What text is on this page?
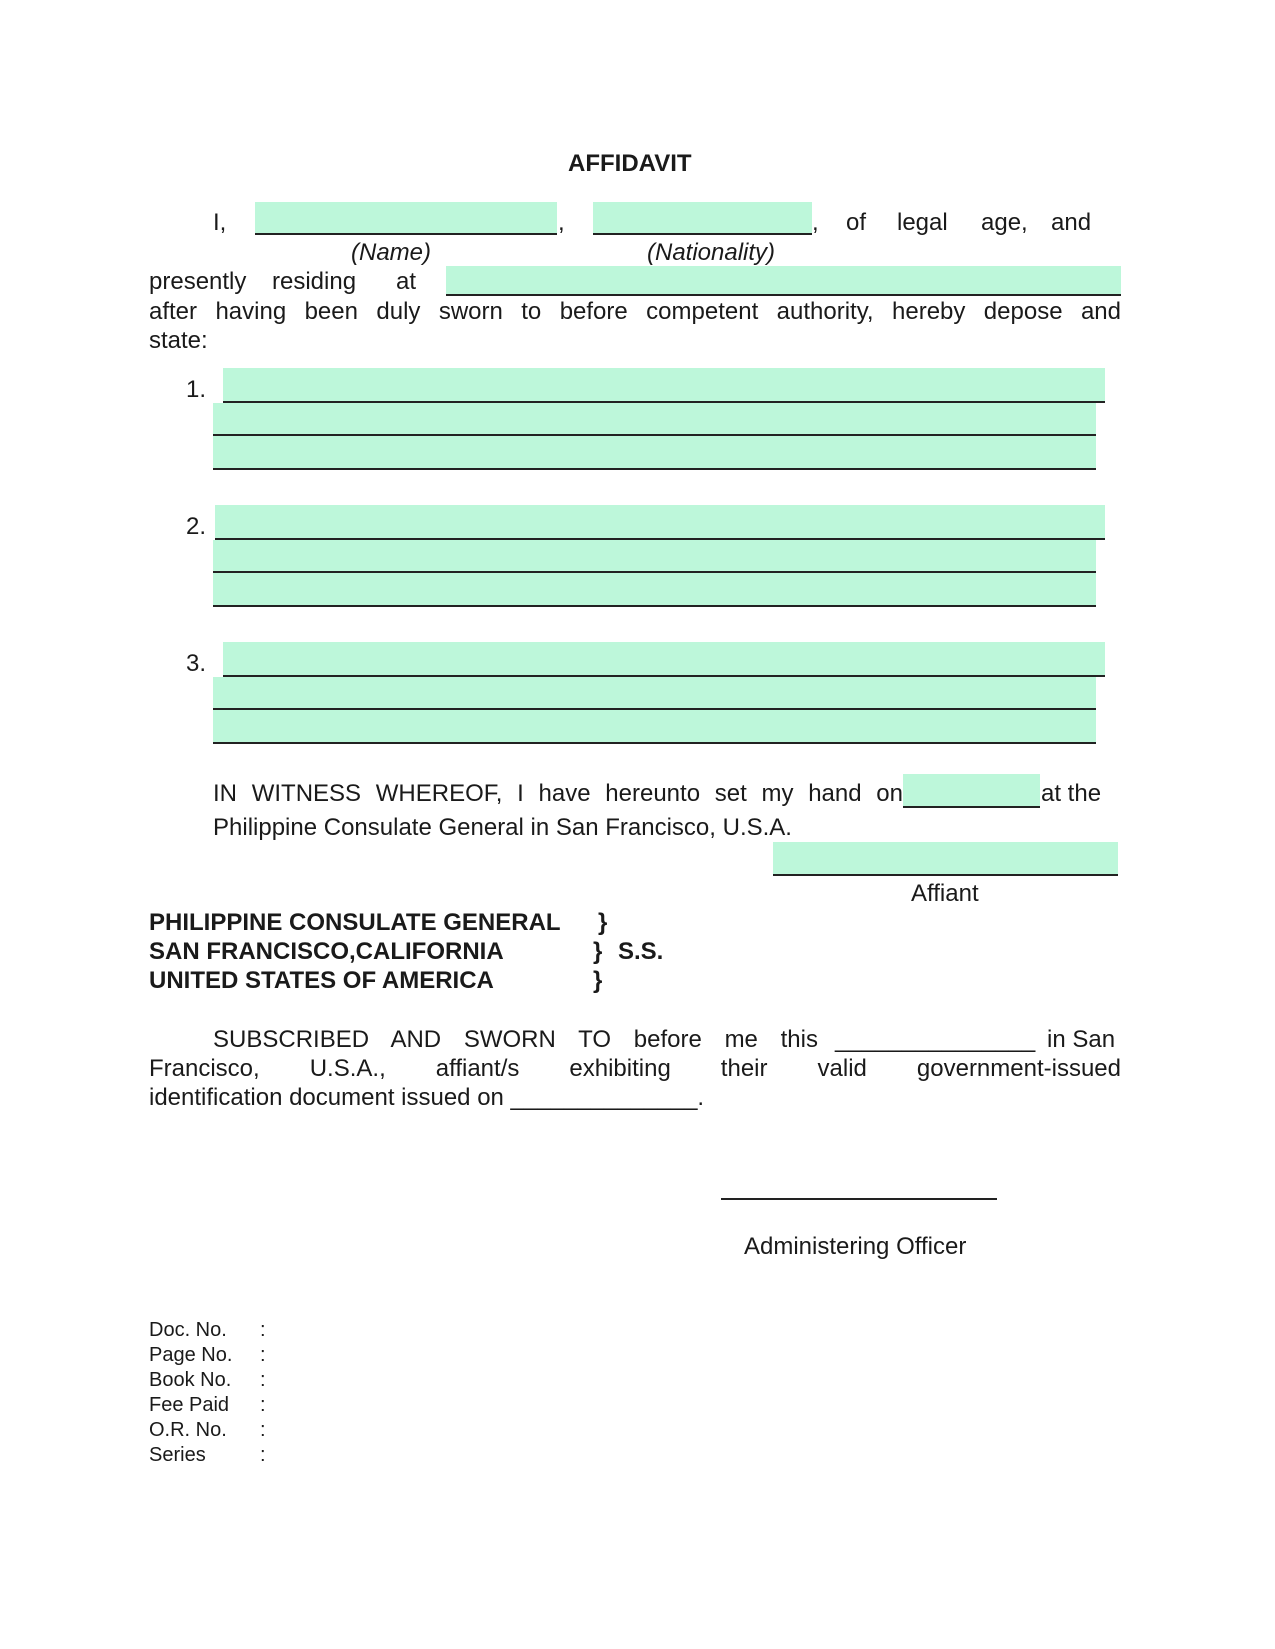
AFFIDAVIT
I,	,	, of legal age, and
(Name)	(Nationality)
presently residing at
after having been duly sworn to before competent authority, hereby depose and
state:
1.
2.
3.
IN WITNESS WHEREOF, I have hereunto set my hand on	at the
Philippine Consulate General in San Francisco, U.S.A.
Affiant
PHILIPPINE CONSULATE GENERAL }
SAN FRANCISCO,CALIFORNIA	} S.S.
UNITED STATES OF AMERICA	}
SUBSCRIBED AND SWORN TO before me this _______________ in San
Francisco, U.S.A., affiant/s exhibiting their valid government-issued
identification document issued on ______________.
Administering Officer
Doc. No. :
Page No. :
Book No. :
Fee Paid :
O.R. No. :
Series	:
